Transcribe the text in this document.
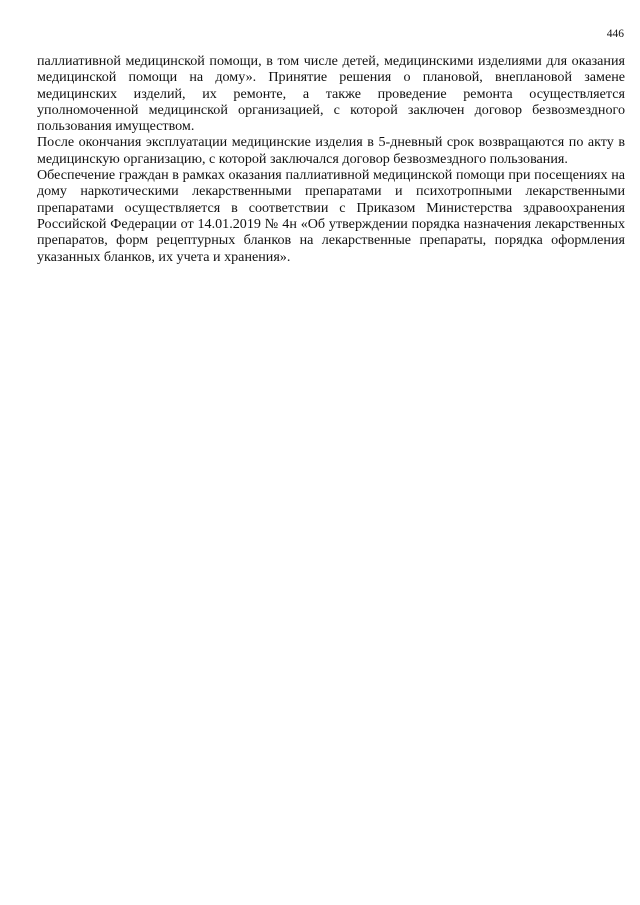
446

паллиативной медицинской помощи, в том числе детей, медицинскими изделиями для оказания медицинской помощи на дому». Принятие решения о плановой, внеплановой замене медицинских изделий, их ремонте, а также проведение ремонта осуществляется уполномоченной медицинской организацией, с которой заключен договор безвозмездного пользования имуществом.

После окончания эксплуатации медицинские изделия в 5-дневный срок возвращаются по акту в медицинскую организацию, с которой заключался договор безвозмездного пользования.

Обеспечение граждан в рамках оказания паллиативной медицинской помощи при посещениях на дому наркотическими лекарственными препаратами и психотропными лекарственными препаратами осуществляется в соответствии с Приказом Министерства здравоохранения Российской Федерации от 14.01.2019 № 4н «Об утверждении порядка назначения лекарственных препаратов, форм рецептурных бланков на лекарственные препараты, порядка оформления указанных бланков, их учета и хранения».
